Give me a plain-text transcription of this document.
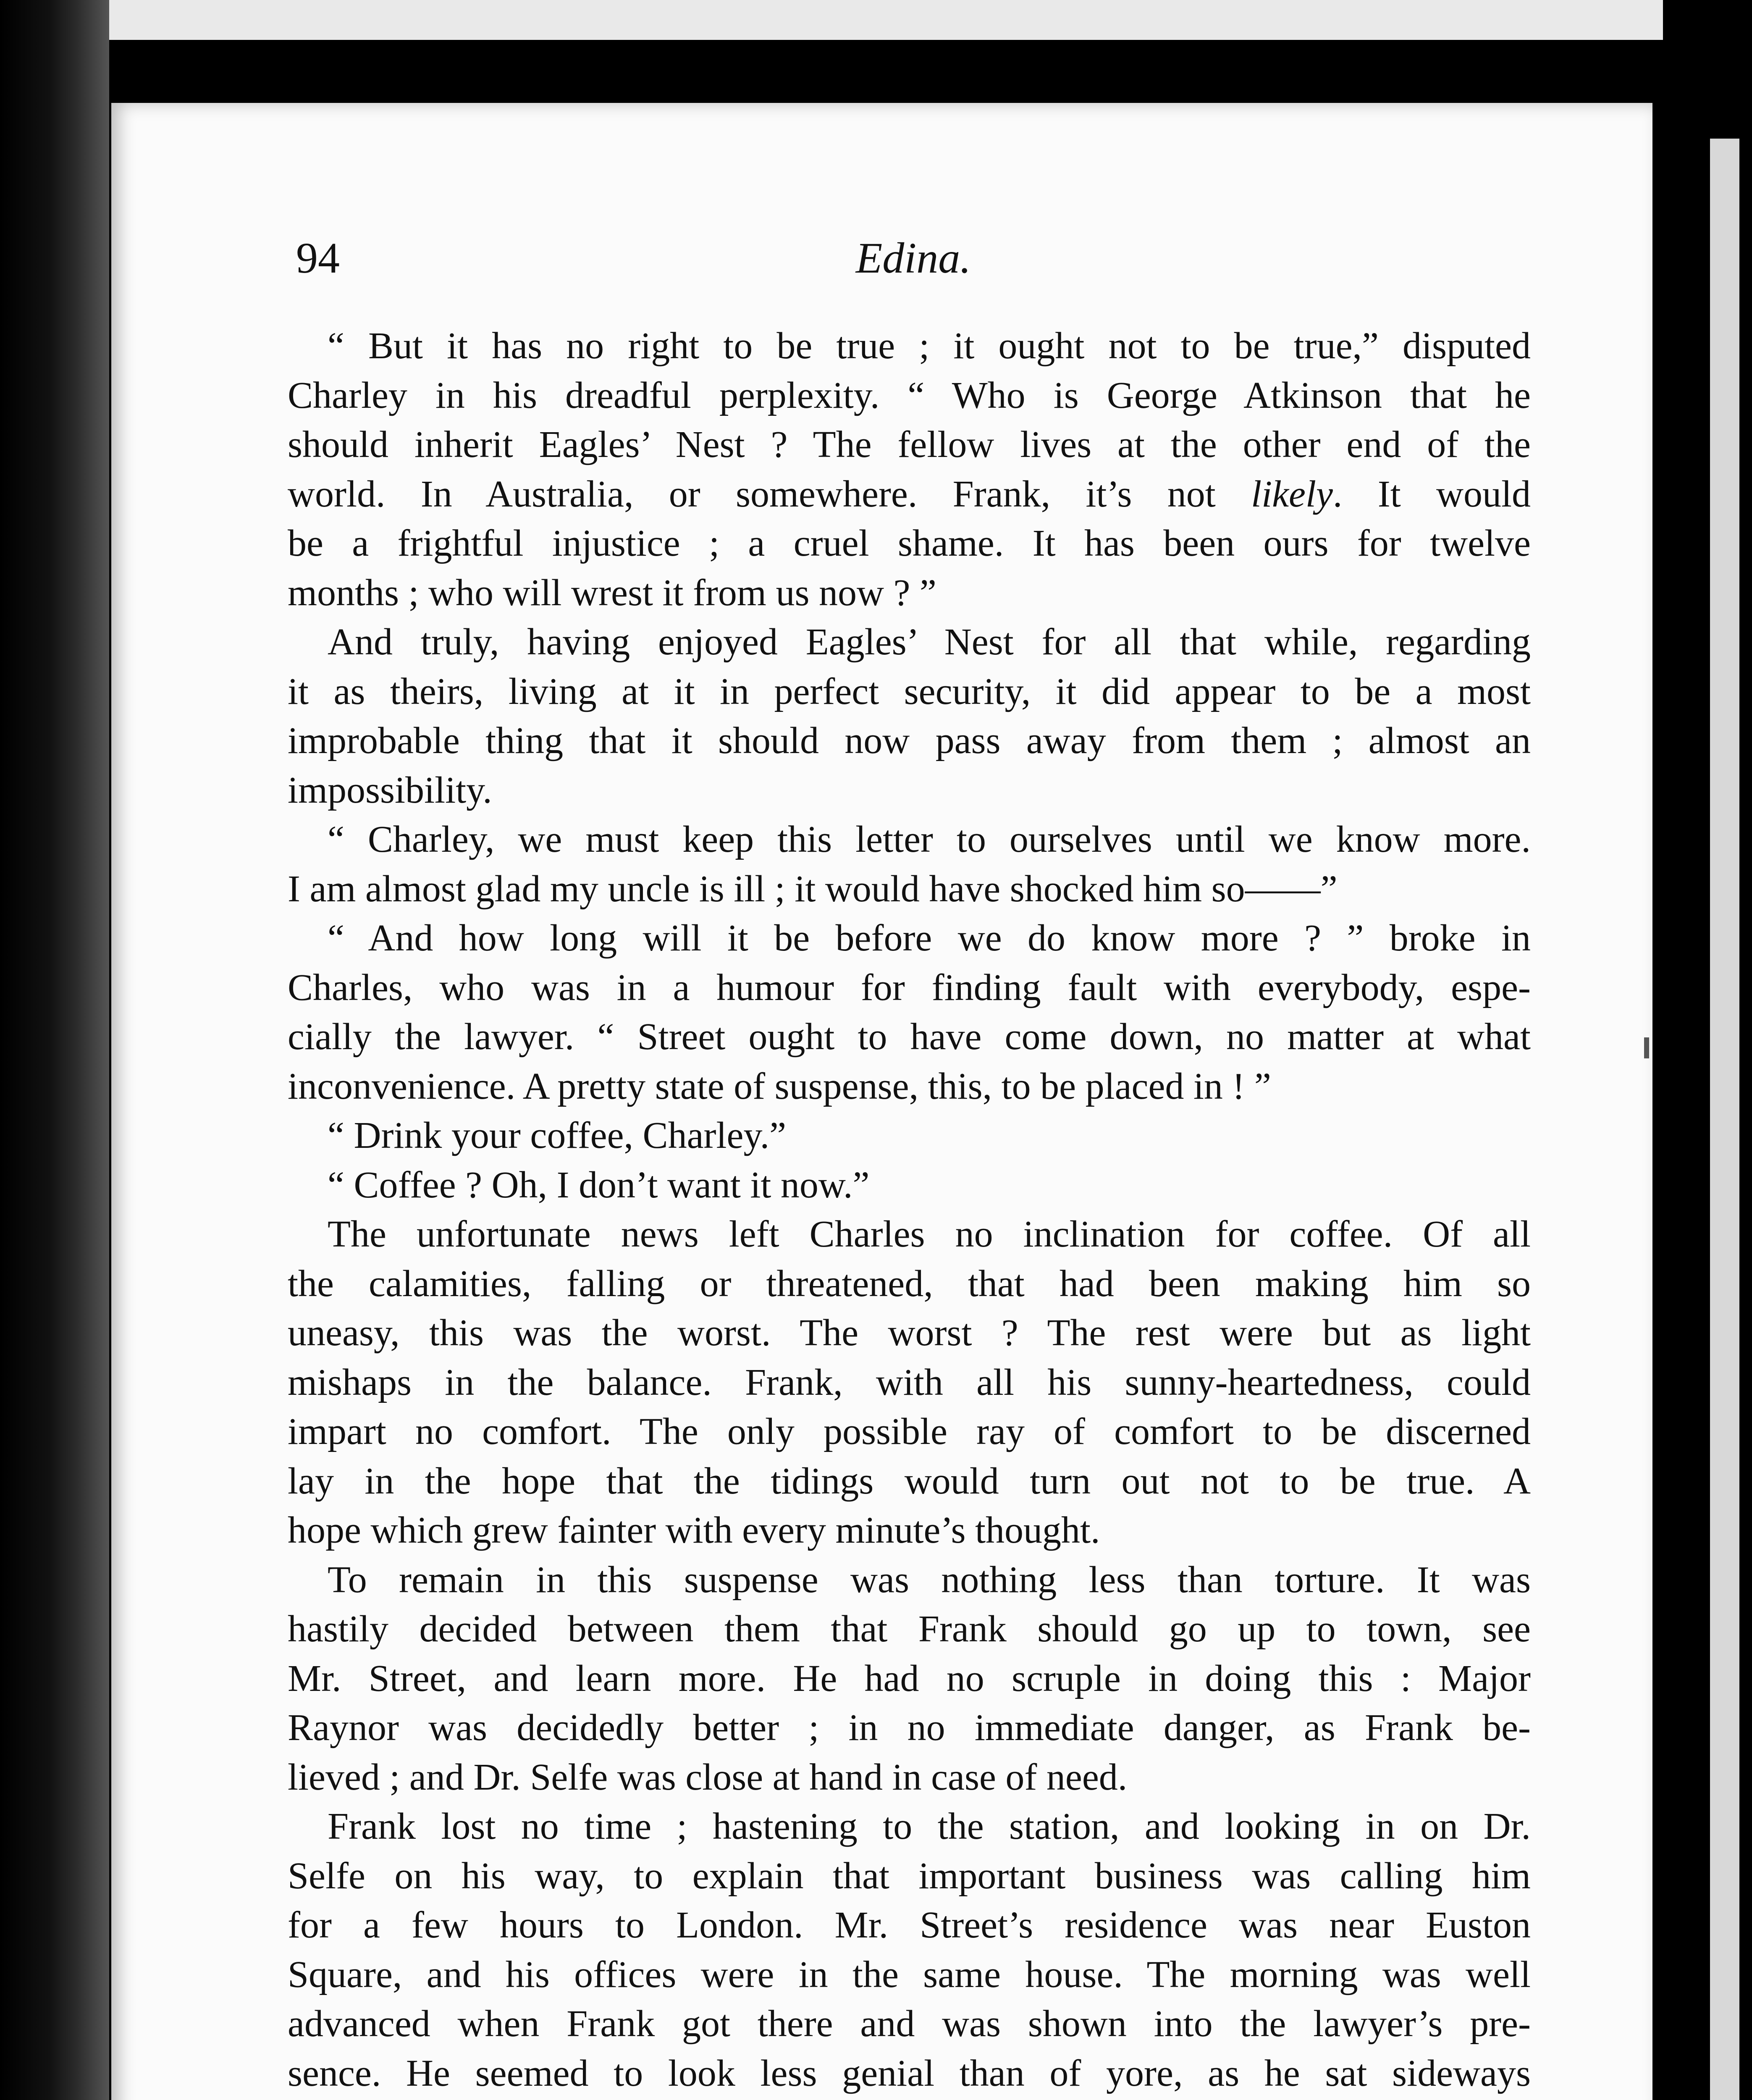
94	Edina.
“ But it has no right to be true ; it ought not to be true,” disputed
Charley in his dreadful perplexity. “ Who is George Atkinson that he
should inherit Eagles’ Nest ? The fellow lives at the other end of the
world. In Australia, or somewhere. Frank, it’s not likely. It would
be a frightful injustice ; a cruel shame. It has been ours for twelve
months ; who will wrest it from us now ? ”
And truly, having enjoyed Eagles’ Nest for all that while, regarding
it as theirs, living at it in perfect security, it did appear to be a most
improbable thing that it should now pass away from them ; almost an
impossibility.
“ Charley, we must keep this letter to ourselves until we know more.
I am almost glad my uncle is ill ; it would have shocked him so——”
“ And how long will it be before we do know more ? ” broke in
Charles, who was in a humour for finding fault with everybody, espe-
cially the lawyer. “ Street ought to have come down, no matter at what
inconvenience. A pretty state of suspense, this, to be placed in ! ”
“ Drink your coffee, Charley.”
“ Coffee ? Oh, I don’t want it now.”
The unfortunate news left Charles no inclination for coffee. Of all
the calamities, falling or threatened, that had been making him so
uneasy, this was the worst. The worst ? The rest were but as light
mishaps in the balance. Frank, with all his sunny-heartedness, could
impart no comfort. The only possible ray of comfort to be discerned
lay in the hope that the tidings would turn out not to be true. A
hope which grew fainter with every minute’s thought.
To remain in this suspense was nothing less than torture. It was
hastily decided between them that Frank should go up to town, see
Mr. Street, and learn more. He had no scruple in doing this : Major
Raynor was decidedly better ; in no immediate danger, as Frank be-
lieved ; and Dr. Selfe was close at hand in case of need.
Frank lost no time ; hastening to the station, and looking in on Dr.
Selfe on his way, to explain that important business was calling him
for a few hours to London. Mr. Street’s residence was near Euston
Square, and his offices were in the same house. The morning was well
advanced when Frank got there and was shown into the lawyer’s pre-
sence. He seemed to look less genial than of yore, as he sat sideways
